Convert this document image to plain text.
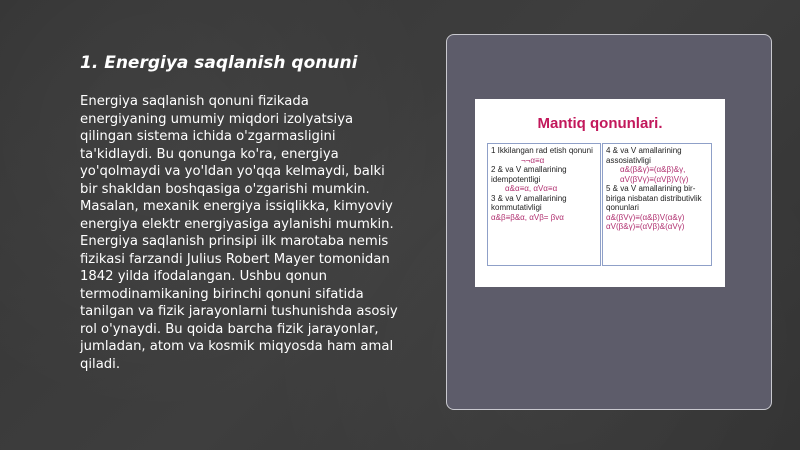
1. Energiya saqlanish qonuni

Energiya saqlanish qonuni fizikada energiyaning umumiy miqdori izolyatsiya qilingan sistema ichida o'zgarmasligini ta'kidlaydi. Bu qonunga ko'ra, energiya yo'qolmaydi va yo'ldan yo'qqa kelmaydi, balki bir shakldan boshqasiga o'zgarishi mumkin. Masalan, mexanik energiya issiqlikka, kimyoviy energiya elektr energiyasiga aylanishi mumkin. Energiya saqlanish prinsipi ilk marotaba nemis fizikasi farzandi Julius Robert Mayer tomonidan 1842 yilda ifodalangan. Ushbu qonun termodinamikaning birinchi qonuni sifatida tanilgan va fizik jarayonlarni tushunishda asosiy rol o'ynaydi. Bu qoida barcha fizik jarayonlar, jumladan, atom va kosmik miqyosda ham amal qiladi.

Mantiq qonunlari.
1 Ikkilangan rad etish qonuni
¬¬α≡α
2 & va V amallarining idempotentligi
α&α≡α, αVα≡α
3 & va V amallarining kommutativligi
α&β≡β&α, αVβ= βvα
4 & va V amallarining assosiativligi
α&(β&γ)≡(α&β)&γ,
αV(βVγ)≡(αVβ)V(γ)
5 & va V amallarining bir-biriga nisbatan distributivlik qonunlari
α&(βVγ)≡(α&β)V(α&γ)
αV(β&γ)≡(αVβ)&(αVγ)
